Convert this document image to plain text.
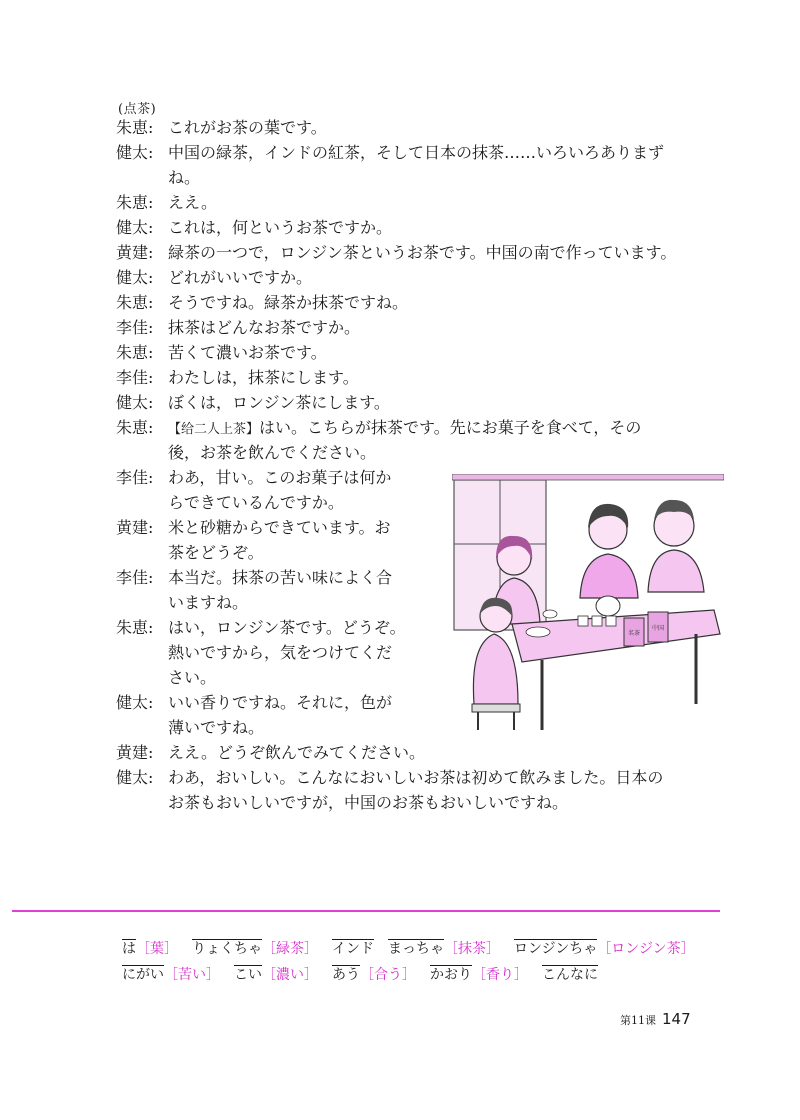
(点茶)
朱恵: これがお茶の葉です。
健太: 中国の緑茶，インドの紅茶，そして日本の抹茶……いろいろありまず
ね。
朱恵: ええ。
健太: これは，何というお茶ですか。
黄建: 緑茶の一つで，ロンジン茶というお茶です。中国の南で作っています。
健太: どれがいいですか。
朱恵: そうですね。緑茶か抹茶ですね。
李佳: 抹茶はどんなお茶ですか。
朱恵: 苦くて濃いお茶です。
李佳: わたしは，抹茶にします。
健太: ぼくは，ロンジン茶にします。
朱恵: 【给二人上茶】はい。こちらが抹茶です。先にお菓子を食べて，その
後，お茶を飲んでください。
李佳: わあ，甘い。このお菓子は何か
らできているんですか。
黄建: 米と砂糖からできています。お
茶をどうぞ。
李佳: 本当だ。抹茶の苦い味によく合
いますね。
朱恵: はい，ロンジン茶です。どうぞ。
熱いですから，気をつけてくだ
さい。
健太: いい香りですね。それに，色が
薄いですね。
黄建: ええ。どうぞ飲んでみてください。
健太: わあ，おいしい。こんなにおいしいお茶は初めて飲みました。日本の
お茶もおいしいですが，中国のお茶もおいしいですね。
名茶
中国
は［葉］ りょくちゃ［緑茶］ インド まっちゃ［抹茶］ ロンジンちゃ［ロンジン茶］
にがい［苦い］ こい［濃い］ あう［合う］ かおり［香り］ こんなに
第11课 147
